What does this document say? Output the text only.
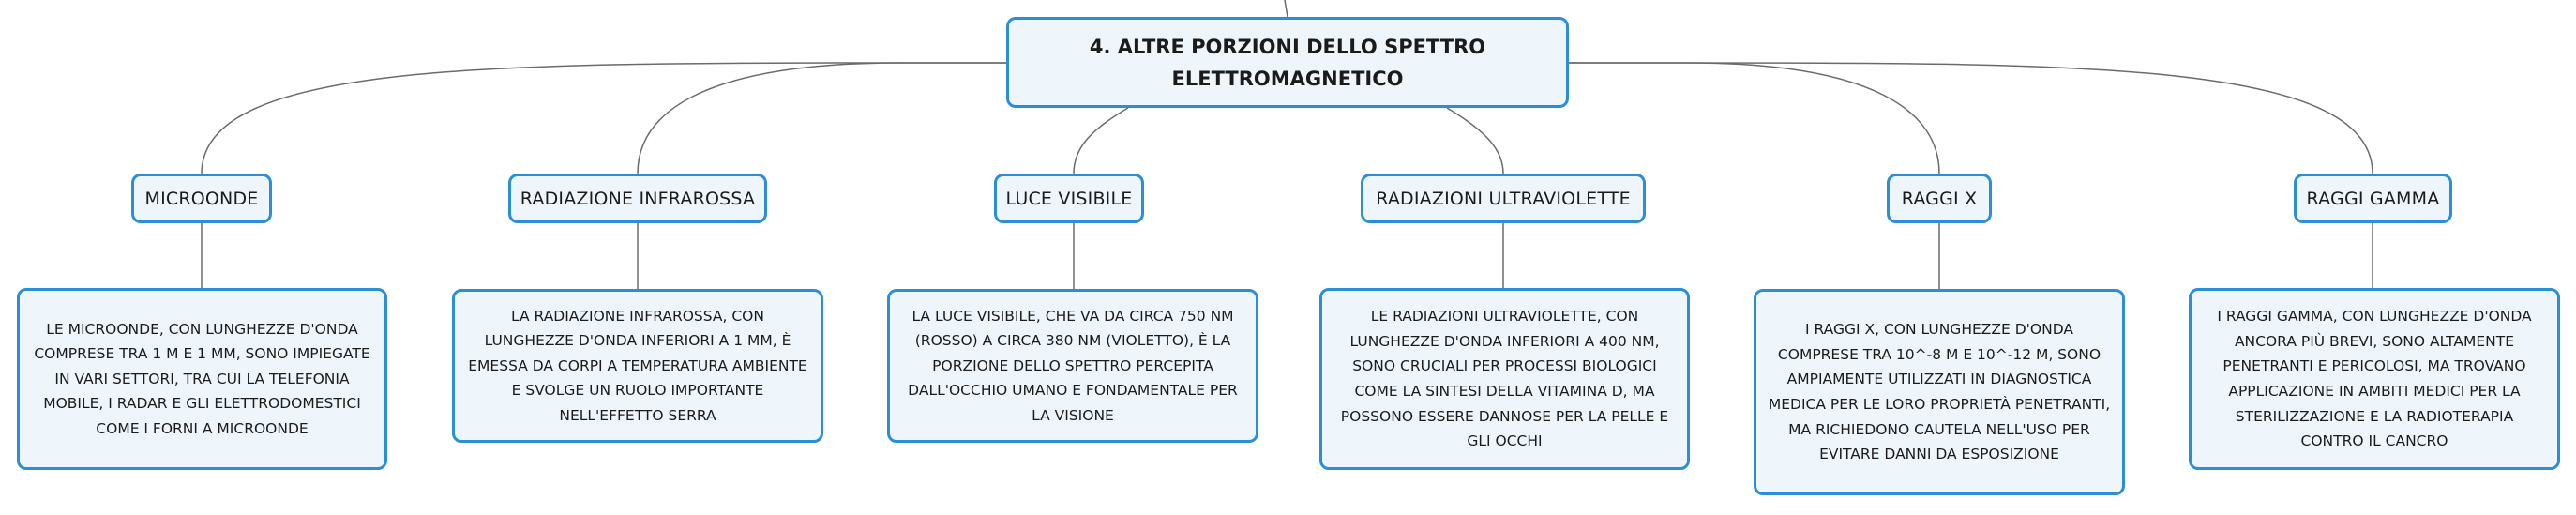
4. ALTRE PORZIONI DELLO SPETTRO ELETTROMAGNETICO
MICROONDE	RADIAZIONE INFRAROSSA	LUCE VISIBILE	RADIAZIONI ULTRAVIOLETTE	RAGGI X	RAGGI GAMMA
LE MICROONDE, CON LUNGHEZZE D'ONDA COMPRESE TRA 1 M E 1 MM, SONO IMPIEGATE IN VARI SETTORI, TRA CUI LA TELEFONIA MOBILE, I RADAR E GLI ELETTRODOMESTICI COME I FORNI A MICROONDE
LA RADIAZIONE INFRAROSSA, CON LUNGHEZZE D'ONDA INFERIORI A 1 MM, È EMESSA DA CORPI A TEMPERATURA AMBIENTE E SVOLGE UN RUOLO IMPORTANTE NELL'EFFETTO SERRA
LA LUCE VISIBILE, CHE VA DA CIRCA 750 NM (ROSSO) A CIRCA 380 NM (VIOLETTO), È LA PORZIONE DELLO SPETTRO PERCEPITA DALL'OCCHIO UMANO E FONDAMENTALE PER LA VISIONE
LE RADIAZIONI ULTRAVIOLETTE, CON LUNGHEZZE D'ONDA INFERIORI A 400 NM, SONO CRUCIALI PER PROCESSI BIOLOGICI COME LA SINTESI DELLA VITAMINA D, MA POSSONO ESSERE DANNOSE PER LA PELLE E GLI OCCHI
I RAGGI X, CON LUNGHEZZE D'ONDA COMPRESE TRA 10^-8 M E 10^-12 M, SONO AMPIAMENTE UTILIZZATI IN DIAGNOSTICA MEDICA PER LE LORO PROPRIETÀ PENETRANTI, MA RICHIEDONO CAUTELA NELL'USO PER EVITARE DANNI DA ESPOSIZIONE
I RAGGI GAMMA, CON LUNGHEZZE D'ONDA ANCORA PIÙ BREVI, SONO ALTAMENTE PENETRANTI E PERICOLOSI, MA TROVANO APPLICAZIONE IN AMBITI MEDICI PER LA STERILIZZAZIONE E LA RADIOTERAPIA CONTRO IL CANCRO
